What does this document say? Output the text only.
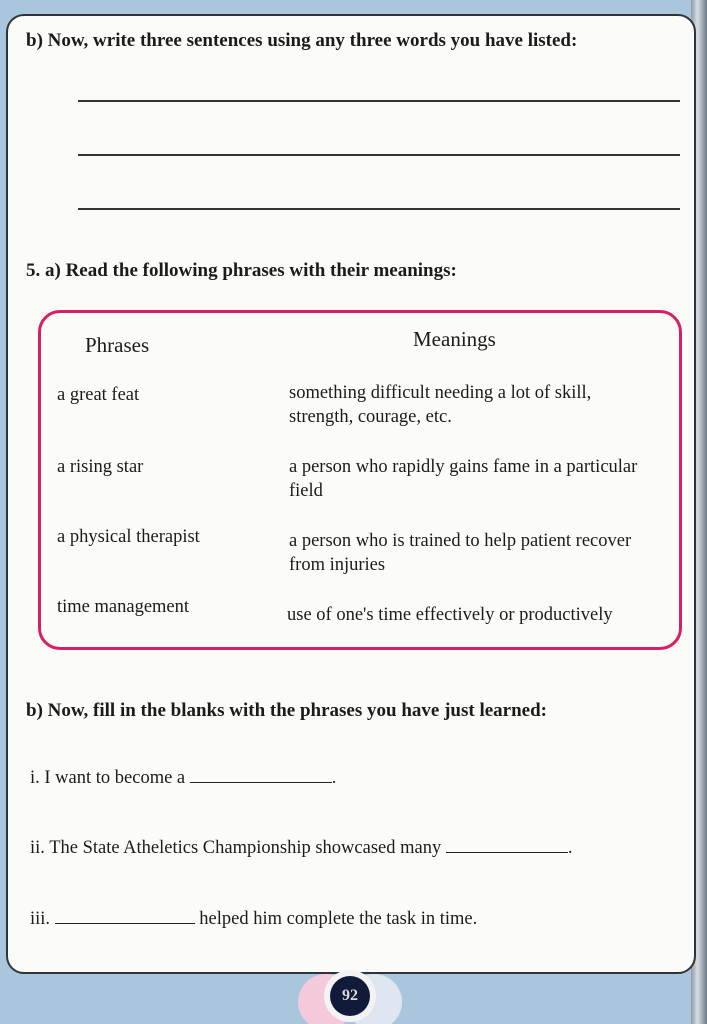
b) Now, write three sentences using any three words you have listed:
5. a) Read the following phrases with their meanings:
b) Now, fill in the blanks with the phrases you have just learned:
i. I want to become a	.
ii. The State Atheletics Championship showcased many	.
iii.	helped him complete the task in time.
Phrases	Meanings
a great feat	something difficult needing a lot of skill, strength, courage, etc.
a rising star	a person who rapidly gains fame in a particular field
a physical therapist	a person who is trained to help patient recover from injuries
time management	use of one's time effectively or productively
92
